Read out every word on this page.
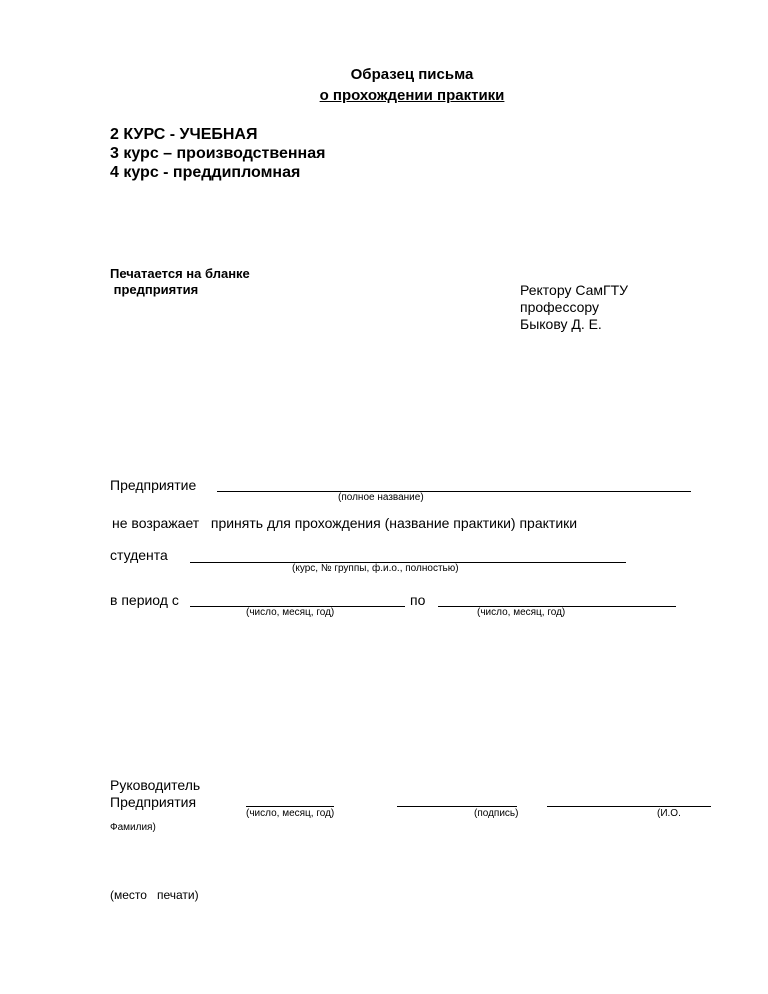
Образец письма
о прохождении практики
2 КУРС - УЧЕБНАЯ
3 курс – производственная
4 курс - преддипломная
Печатается на бланке
предприятия	Ректору СамГТУ
профессору
Быкову Д. Е.
Предприятие
(полное название)
не возражает   принять для прохождения (название практики) практики
студента
(курс, № группы, ф.и.о., полностью)
в период с	по
(число, месяц, год)	(число, месяц, год)
Руководитель
Предприятия
(число, месяц, год)	(подпись)	(И.О.
Фамилия)
(место   печати)
